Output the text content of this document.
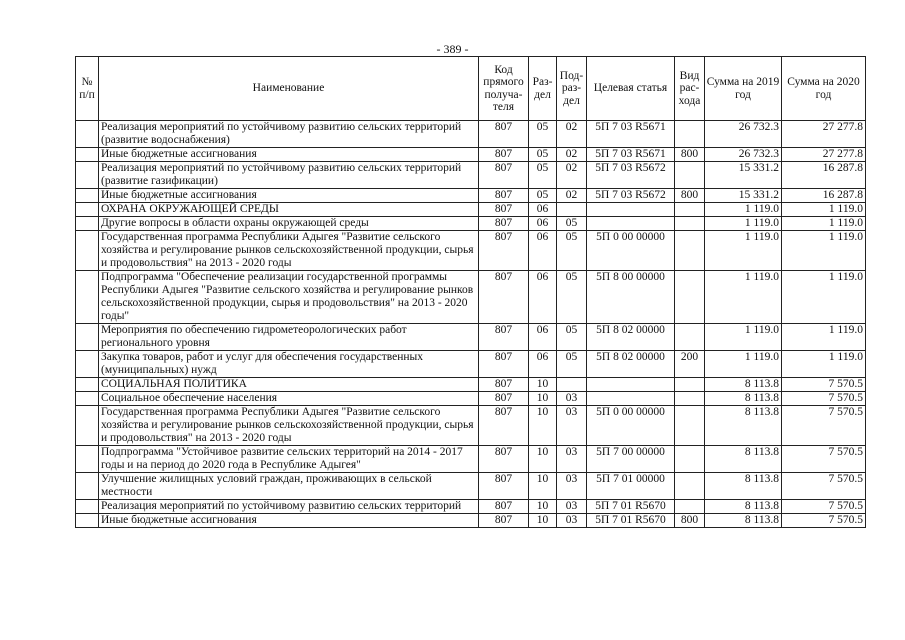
- 389 -
№ п/п	Наименование	Код прямого получа-теля	Раз-дел	Под-раз-дел	Целевая статья	Вид рас-хода	Сумма на 2019 год	Сумма на 2020 год
	Реализация мероприятий по устойчивому развитию сельских территорий (развитие водоснабжения)	807	05	02	5П 7 03 R5671		26 732.3	27 277.8
	Иные бюджетные ассигнования	807	05	02	5П 7 03 R5671	800	26 732.3	27 277.8
	Реализация мероприятий по устойчивому развитию сельских территорий (развитие газификации)	807	05	02	5П 7 03 R5672		15 331.2	16 287.8
	Иные бюджетные ассигнования	807	05	02	5П 7 03 R5672	800	15 331.2	16 287.8
	ОХРАНА ОКРУЖАЮЩЕЙ СРЕДЫ	807	06				1 119.0	1 119.0
	Другие вопросы в области охраны окружающей среды	807	06	05			1 119.0	1 119.0
	Государственная программа Республики Адыгея "Развитие сельского хозяйства и регулирование рынков сельскохозяйственной продукции, сырья и продовольствия" на 2013 - 2020 годы	807	06	05	5П 0 00 00000		1 119.0	1 119.0
	Подпрограмма "Обеспечение реализации государственной программы Республики Адыгея "Развитие сельского хозяйства и регулирование рынков сельскохозяйственной продукции, сырья и продовольствия" на 2013 - 2020 годы"	807	06	05	5П 8 00 00000		1 119.0	1 119.0
	Мероприятия по обеспечению гидрометеорологических работ регионального уровня	807	06	05	5П 8 02 00000		1 119.0	1 119.0
	Закупка товаров, работ и услуг для обеспечения государственных (муниципальных) нужд	807	06	05	5П 8 02 00000	200	1 119.0	1 119.0
	СОЦИАЛЬНАЯ ПОЛИТИКА	807	10				8 113.8	7 570.5
	Социальное обеспечение населения	807	10	03			8 113.8	7 570.5
	Государственная программа Республики Адыгея "Развитие сельского хозяйства и регулирование рынков сельскохозяйственной продукции, сырья и продовольствия" на 2013 - 2020 годы	807	10	03	5П 0 00 00000		8 113.8	7 570.5
	Подпрограмма "Устойчивое развитие сельских территорий на 2014 - 2017 годы и на период до 2020 года в Республике Адыгея"	807	10	03	5П 7 00 00000		8 113.8	7 570.5
	Улучшение жилищных условий граждан, проживающих в сельской местности	807	10	03	5П 7 01 00000		8 113.8	7 570.5
	Реализация мероприятий по устойчивому развитию сельских территорий	807	10	03	5П 7 01 R5670		8 113.8	7 570.5
	Иные бюджетные ассигнования	807	10	03	5П 7 01 R5670	800	8 113.8	7 570.5
